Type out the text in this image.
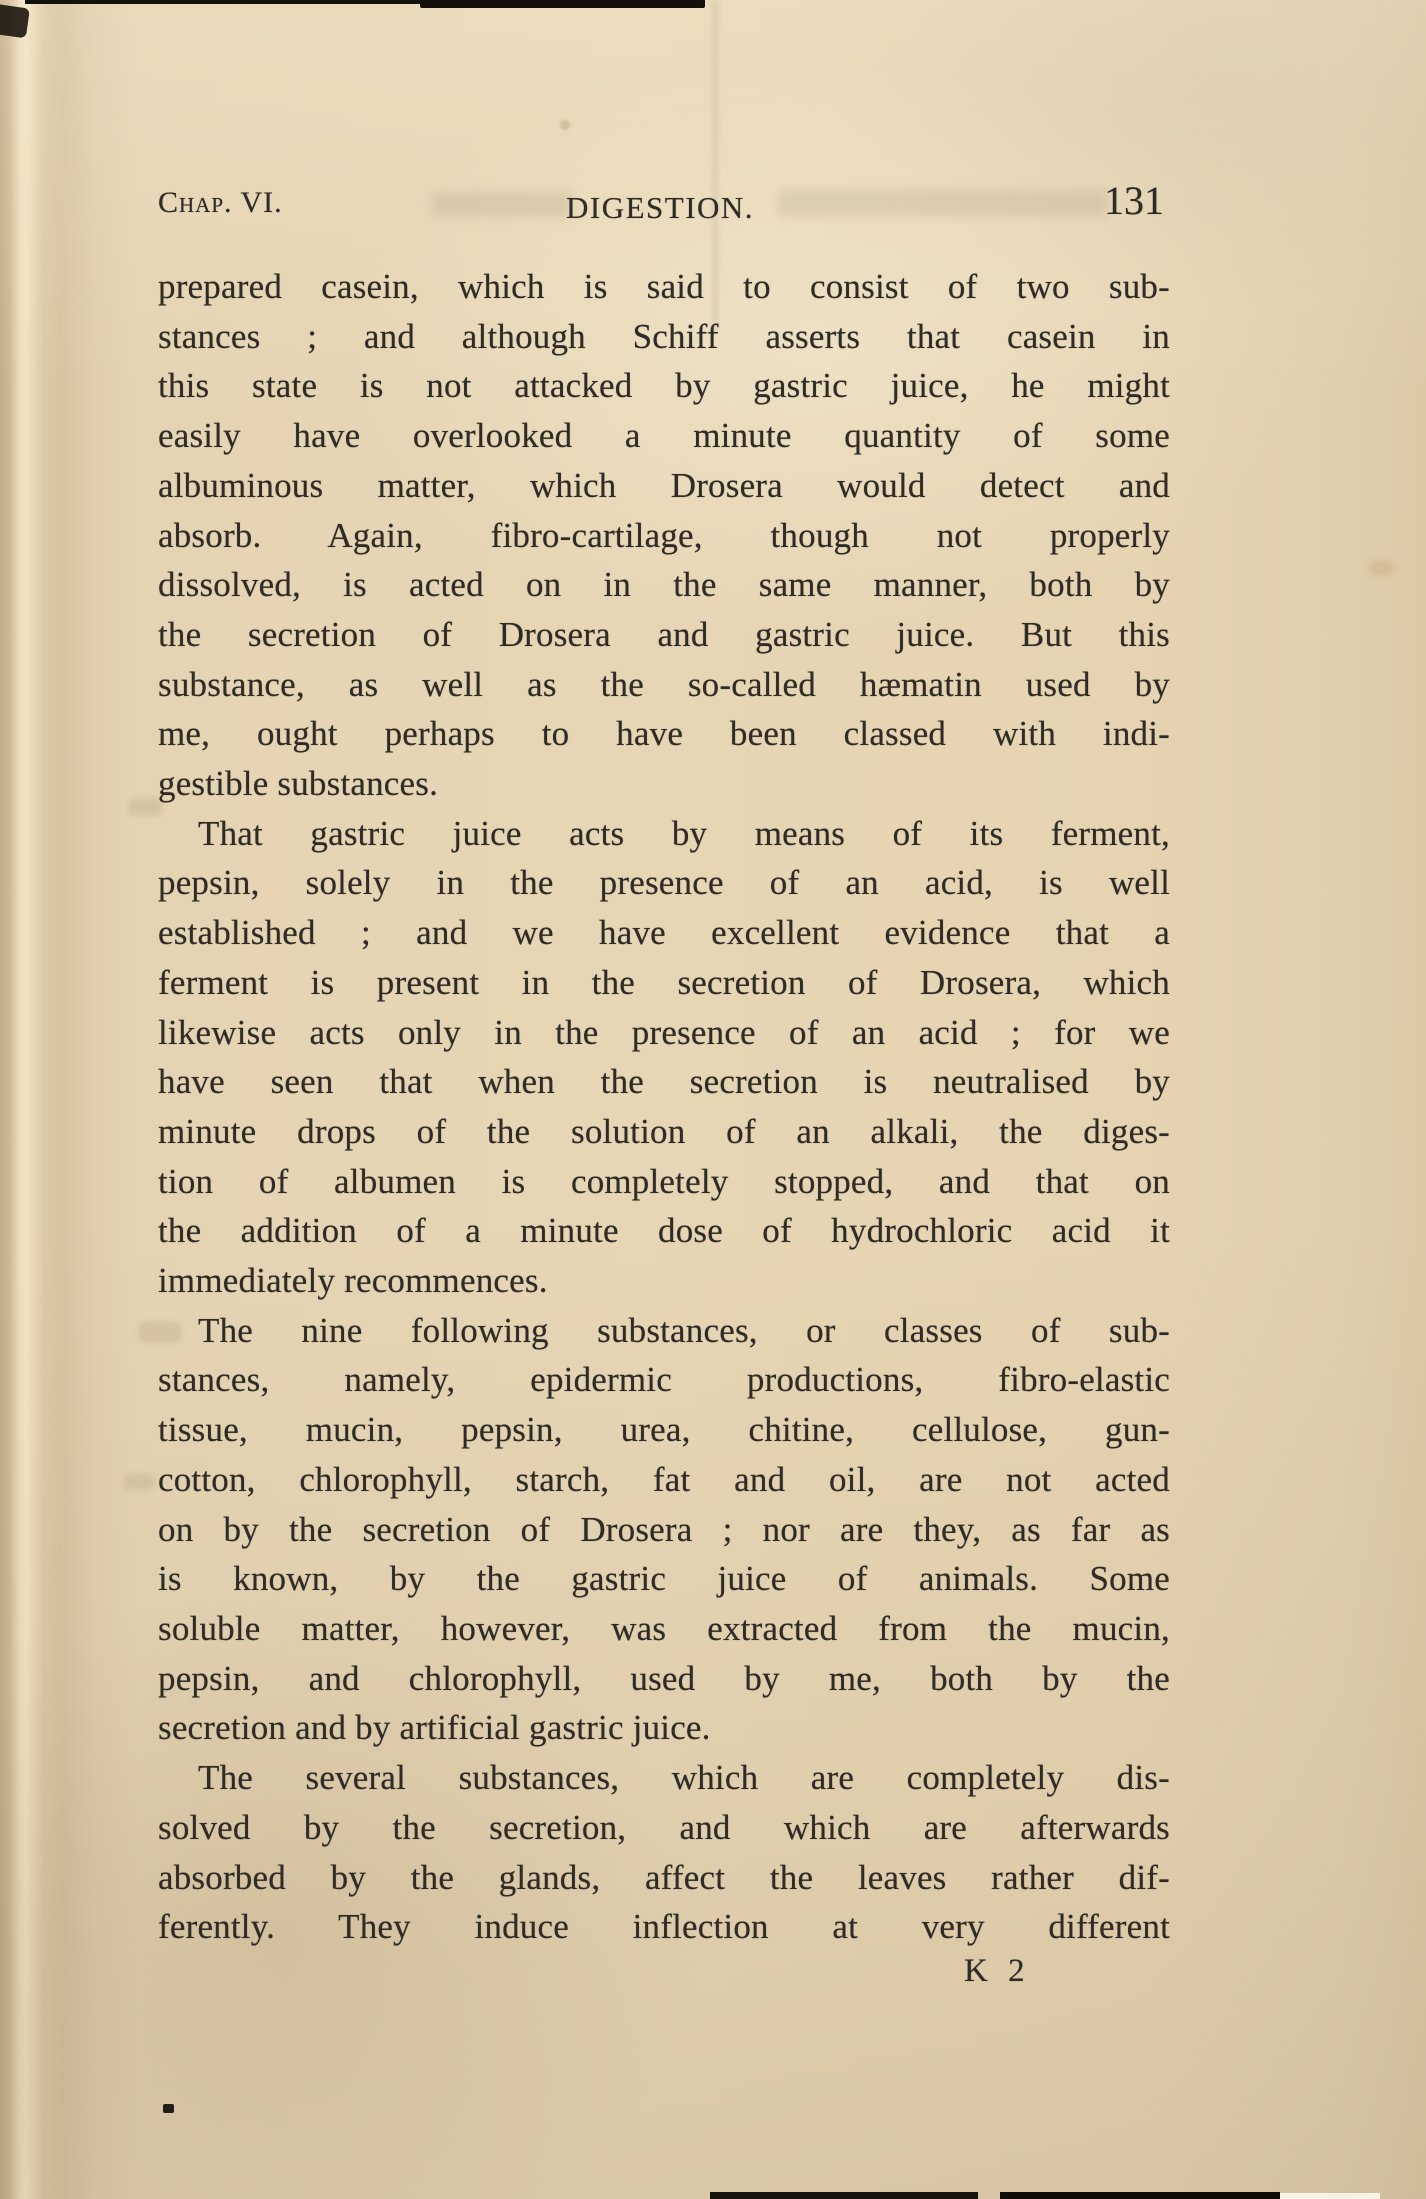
Chap. VI.	DIGESTION.	131
prepared casein, which is said to consist of two sub-
stances ; and although Schiff asserts that casein in
this state is not attacked by gastric juice, he might
easily have overlooked a minute quantity of some
albuminous matter, which Drosera would detect and
absorb. Again, fibro-cartilage, though not properly
dissolved, is acted on in the same manner, both by
the secretion of Drosera and gastric juice. But this
substance, as well as the so-called hæmatin used by
me, ought perhaps to have been classed with indi-
gestible substances.
That gastric juice acts by means of its ferment,
pepsin, solely in the presence of an acid, is well
established ; and we have excellent evidence that a
ferment is present in the secretion of Drosera, which
likewise acts only in the presence of an acid ; for we
have seen that when the secretion is neutralised by
minute drops of the solution of an alkali, the diges-
tion of albumen is completely stopped, and that on
the addition of a minute dose of hydrochloric acid it
immediately recommences.
The nine following substances, or classes of sub-
stances, namely, epidermic productions, fibro-elastic
tissue, mucin, pepsin, urea, chitine, cellulose, gun-
cotton, chlorophyll, starch, fat and oil, are not acted
on by the secretion of Drosera ; nor are they, as far as
is known, by the gastric juice of animals. Some
soluble matter, however, was extracted from the mucin,
pepsin, and chlorophyll, used by me, both by the
secretion and by artificial gastric juice.
The several substances, which are completely dis-
solved by the secretion, and which are afterwards
absorbed by the glands, affect the leaves rather dif-
ferently. They induce inflection at very different
K 2
